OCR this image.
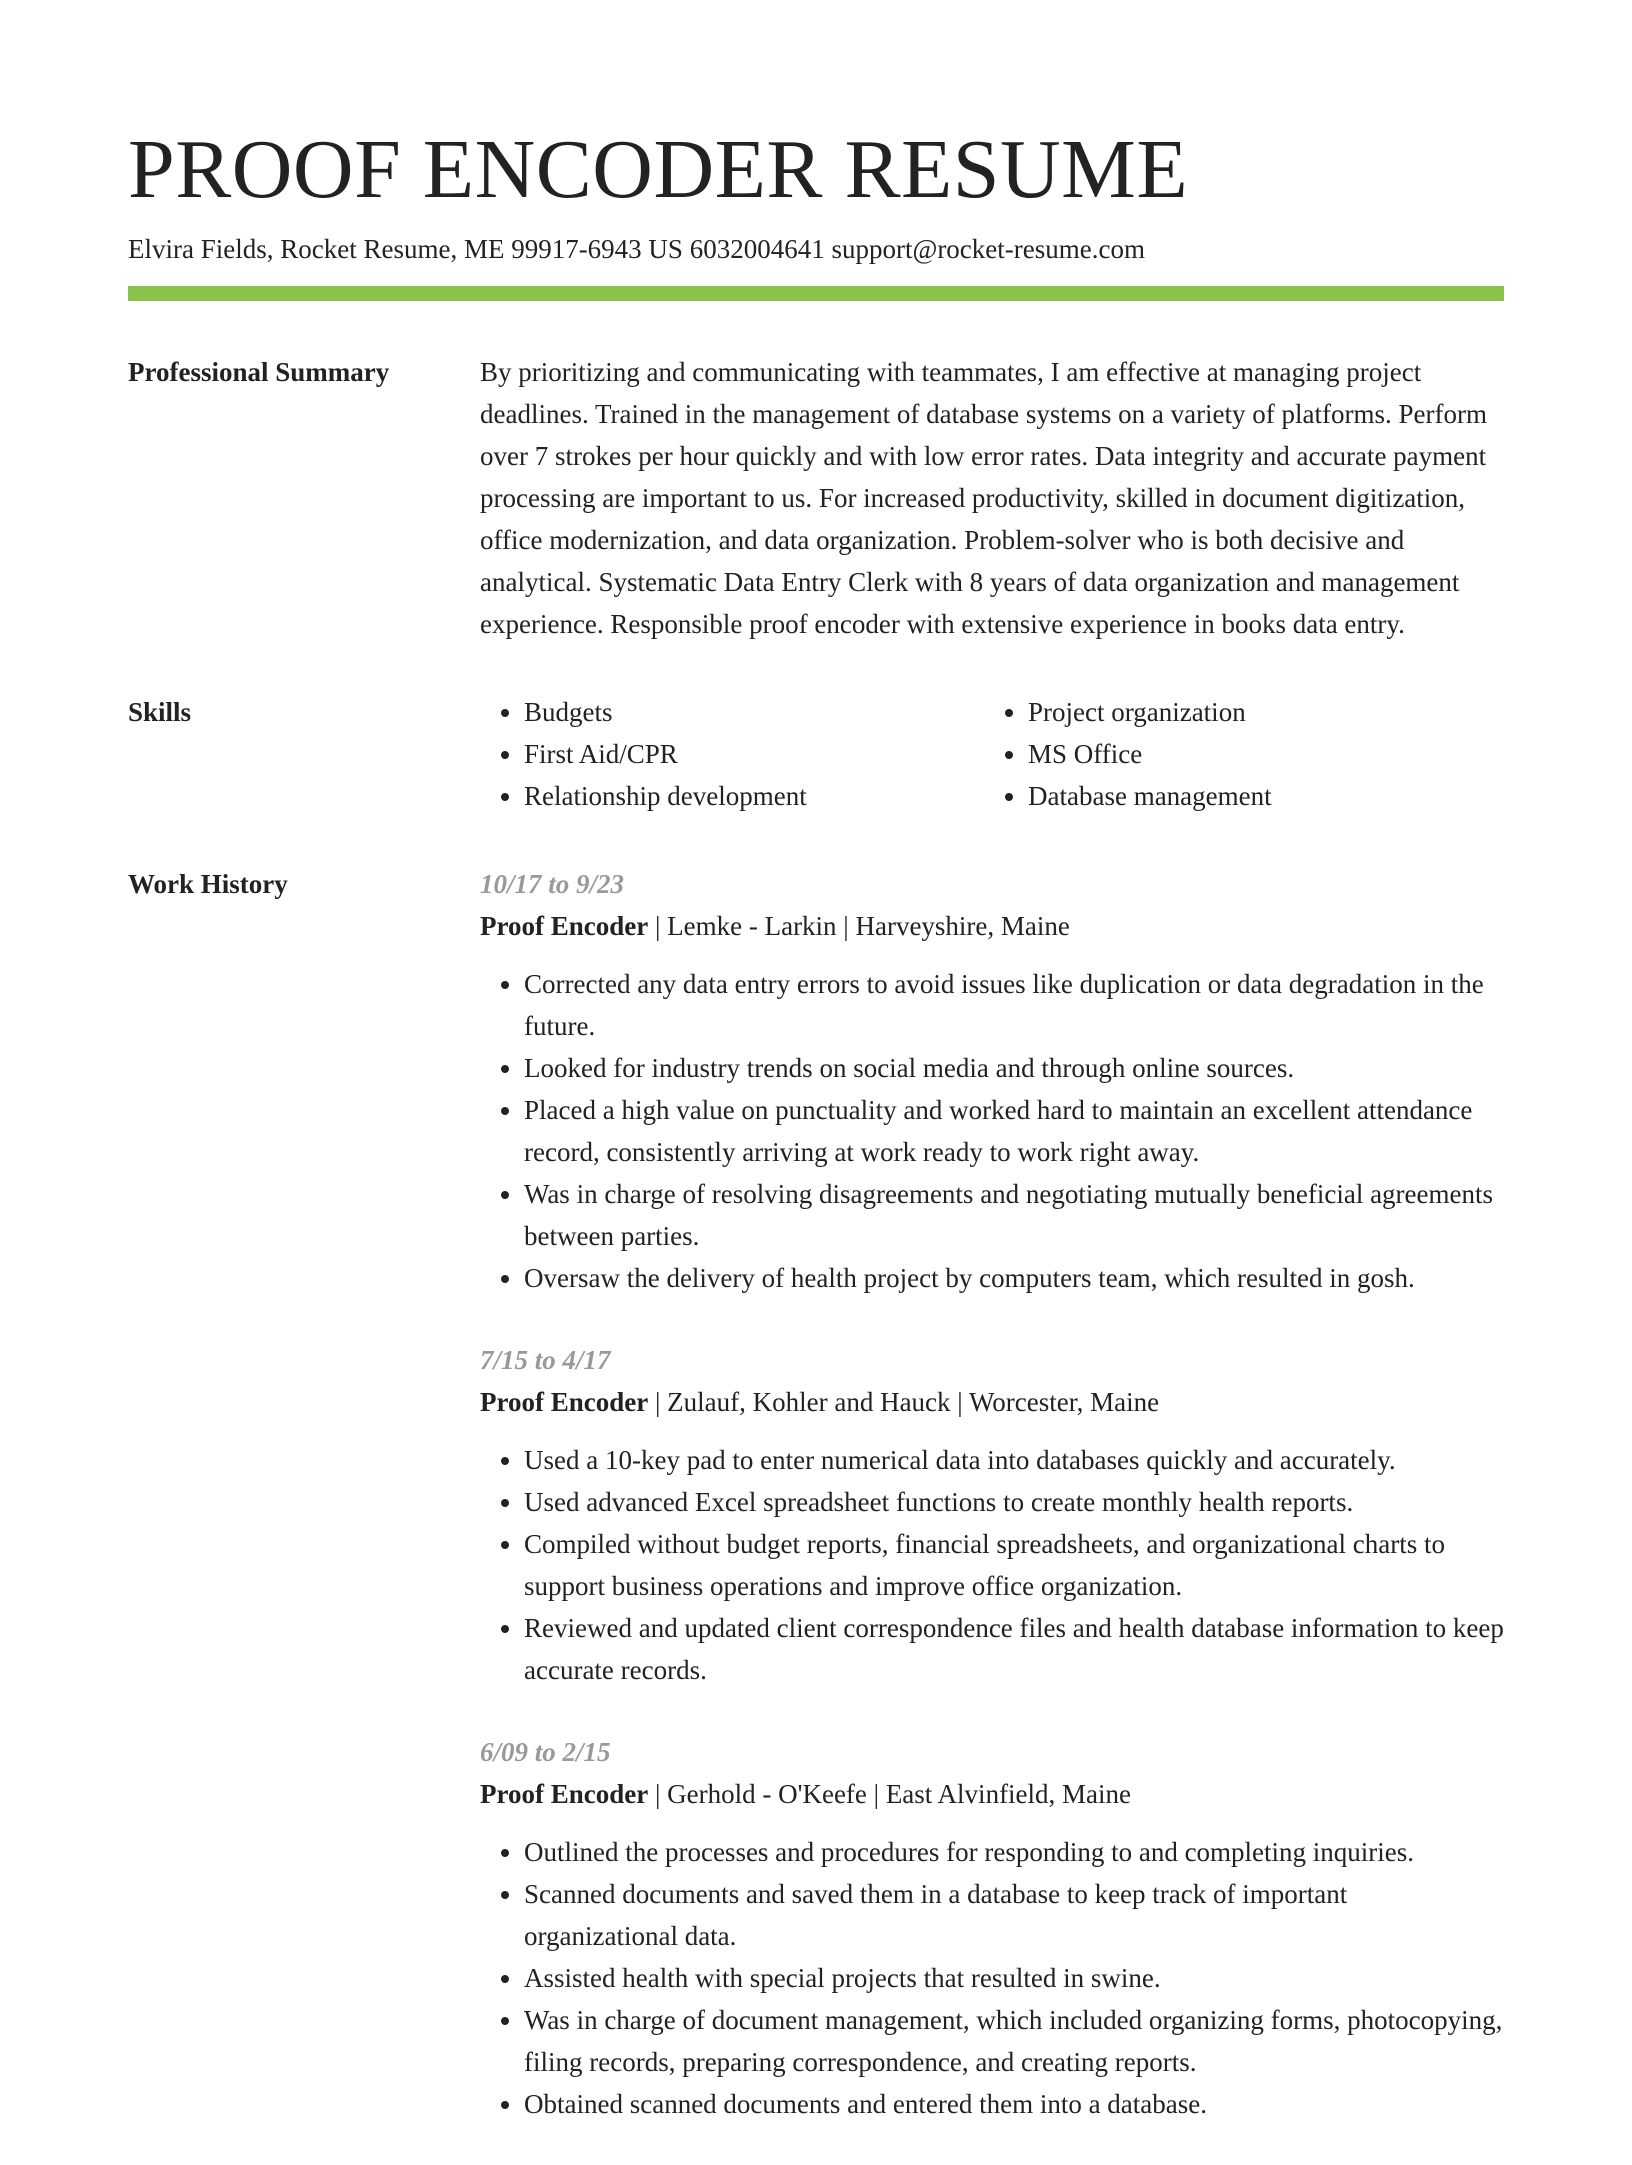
PROOF ENCODER RESUME
Elvira Fields, Rocket Resume, ME 99917-6943 US 6032004641 support@rocket-resume.com
Professional Summary	By prioritizing and communicating with teammates, I am effective at managing project deadlines. Trained in the management of database systems on a variety of platforms. Perform over 7 strokes per hour quickly and with low error rates. Data integrity and accurate payment processing are important to us. For increased productivity, skilled in document digitization, office modernization, and data organization. Problem-solver who is both decisive and analytical. Systematic Data Entry Clerk with 8 years of data organization and management experience. Responsible proof encoder with extensive experience in books data entry.

Skills
•	Budgets
• First Aid/CPR
• Relationship development
• Project organization
• MS Office
• Database management
Work History	10/17 to 9/23
Proof Encoder | Lemke - Larkin | Harveyshire, Maine
• Corrected any data entry errors to avoid issues like duplication or data degradation in the future.
• Looked for industry trends on social media and through online sources.
• Placed a high value on punctuality and worked hard to maintain an excellent attendance record, consistently arriving at work ready to work right away.
• Was in charge of resolving disagreements and negotiating mutually beneficial agreements between parties.
• Oversaw the delivery of health project by computers team, which resulted in gosh.
7/15 to 4/17
Proof Encoder | Zulauf, Kohler and Hauck | Worcester, Maine
• Used a 10-key pad to enter numerical data into databases quickly and accurately.
• Used advanced Excel spreadsheet functions to create monthly health reports.
• Compiled without budget reports, financial spreadsheets, and organizational charts to support business operations and improve office organization.
• Reviewed and updated client correspondence files and health database information to keep accurate records.
6/09 to 2/15
Proof Encoder | Gerhold - O'Keefe | East Alvinfield, Maine
• Outlined the processes and procedures for responding to and completing inquiries.
• Scanned documents and saved them in a database to keep track of important organizational data.
• Assisted health with special projects that resulted in swine.
• Was in charge of document management, which included organizing forms, photocopying, filing records, preparing correspondence, and creating reports.
• Obtained scanned documents and entered them into a database.
